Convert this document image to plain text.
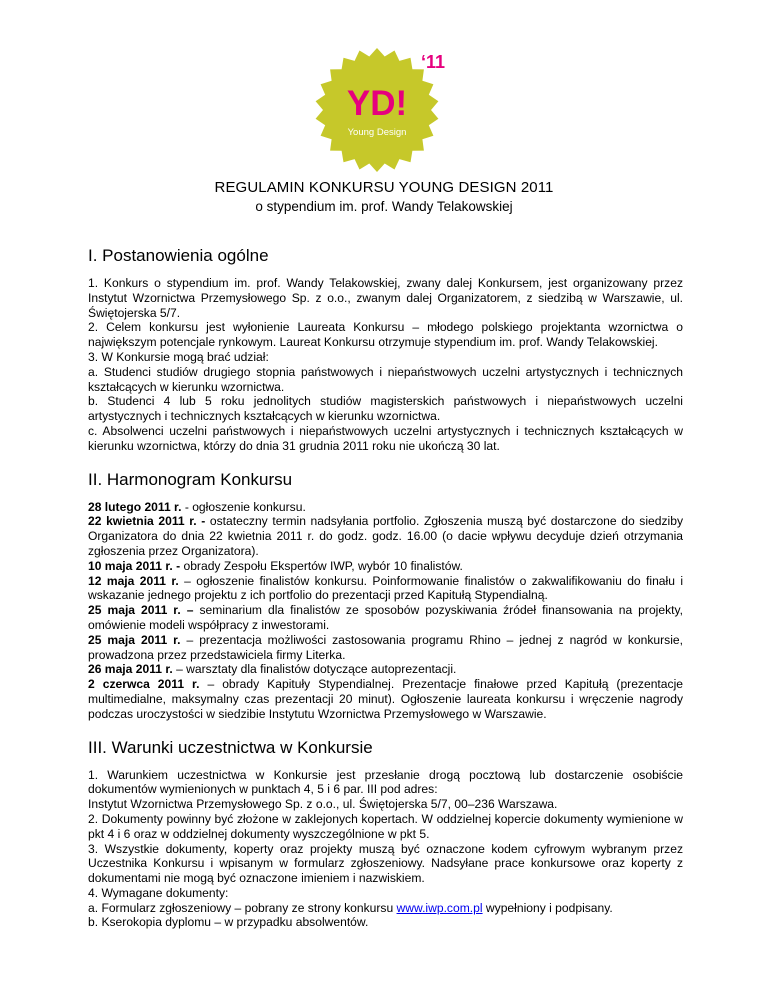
YD!
Young Design
‘11
REGULAMIN KONKURSU YOUNG DESIGN 2011
o stypendium im. prof. Wandy Telakowskiej
I. Postanowienia ogólne

1. Konkurs o stypendium im. prof. Wandy Telakowskiej, zwany dalej Konkursem, jest organizowany przez Instytut Wzornictwa Przemysłowego Sp. z o.o., zwanym dalej Organizatorem, z siedzibą w Warszawie, ul. Świętojerska 5/7.

2. Celem konkursu jest wyłonienie Laureata Konkursu – młodego polskiego projektanta wzornictwa o największym potencjale rynkowym. Laureat Konkursu otrzymuje stypendium im. prof. Wandy Telakowskiej.

3. W Konkursie mogą brać udział:

a. Studenci studiów drugiego stopnia państwowych i niepaństwowych uczelni artystycznych i technicznych kształcących w kierunku wzornictwa.

b. Studenci 4 lub 5 roku jednolitych studiów magisterskich państwowych i niepaństwowych uczelni artystycznych i technicznych kształcących w kierunku wzornictwa.

c. Absolwenci uczelni państwowych i niepaństwowych uczelni artystycznych i technicznych kształcących w kierunku wzornictwa, którzy do dnia 31 grudnia 2011 roku nie ukończą 30 lat.

II. Harmonogram Konkursu

28 lutego 2011 r. - ogłoszenie konkursu.

22 kwietnia 2011 r. - ostateczny termin nadsyłania portfolio. Zgłoszenia muszą być dostarczone do siedziby Organizatora do dnia 22 kwietnia 2011 r. do godz. godz. 16.00 (o dacie wpływu decyduje dzień otrzymania zgłoszenia przez Organizatora).

10 maja 2011 r. - obrady Zespołu Ekspertów IWP, wybór 10 finalistów.

12 maja 2011 r. – ogłoszenie finalistów konkursu. Poinformowanie finalistów o zakwalifikowaniu do finału i wskazanie jednego projektu z ich portfolio do prezentacji przed Kapitułą Stypendialną.

25 maja 2011 r. – seminarium dla finalistów ze sposobów pozyskiwania źródeł finansowania na projekty, omówienie modeli współpracy z inwestorami.

25 maja 2011 r. – prezentacja możliwości zastosowania programu Rhino – jednej z nagród w konkursie, prowadzona przez przedstawiciela firmy Literka.

26 maja 2011 r. – warsztaty dla finalistów dotyczące autoprezentacji.

2 czerwca 2011 r. – obrady Kapituły Stypendialnej. Prezentacje finałowe przed Kapitułą (prezentacje multimedialne, maksymalny czas prezentacji 20 minut). Ogłoszenie laureata konkursu i wręczenie nagrody podczas uroczystości w siedzibie Instytutu Wzornictwa Przemysłowego w Warszawie.

III. Warunki uczestnictwa w Konkursie

1. Warunkiem uczestnictwa w Konkursie jest przesłanie drogą pocztową lub dostarczenie osobiście dokumentów wymienionych w punktach 4, 5 i 6 par. III pod adres:

Instytut Wzornictwa Przemysłowego Sp. z o.o., ul. Świętojerska 5/7, 00–236 Warszawa.

2. Dokumenty powinny być złożone w zaklejonych kopertach. W oddzielnej kopercie dokumenty wymienione w pkt 4 i 6 oraz w oddzielnej dokumenty wyszczególnione w pkt 5.

3. Wszystkie dokumenty, koperty oraz projekty muszą być oznaczone kodem cyfrowym wybranym przez Uczestnika Konkursu i wpisanym w formularz zgłoszeniowy. Nadsyłane prace konkursowe oraz koperty z dokumentami nie mogą być oznaczone imieniem i nazwiskiem.

4. Wymagane dokumenty:

a. Formularz zgłoszeniowy – pobrany ze strony konkursu www.iwp.com.pl wypełniony i podpisany.

b. Kserokopia dyplomu – w przypadku absolwentów.
